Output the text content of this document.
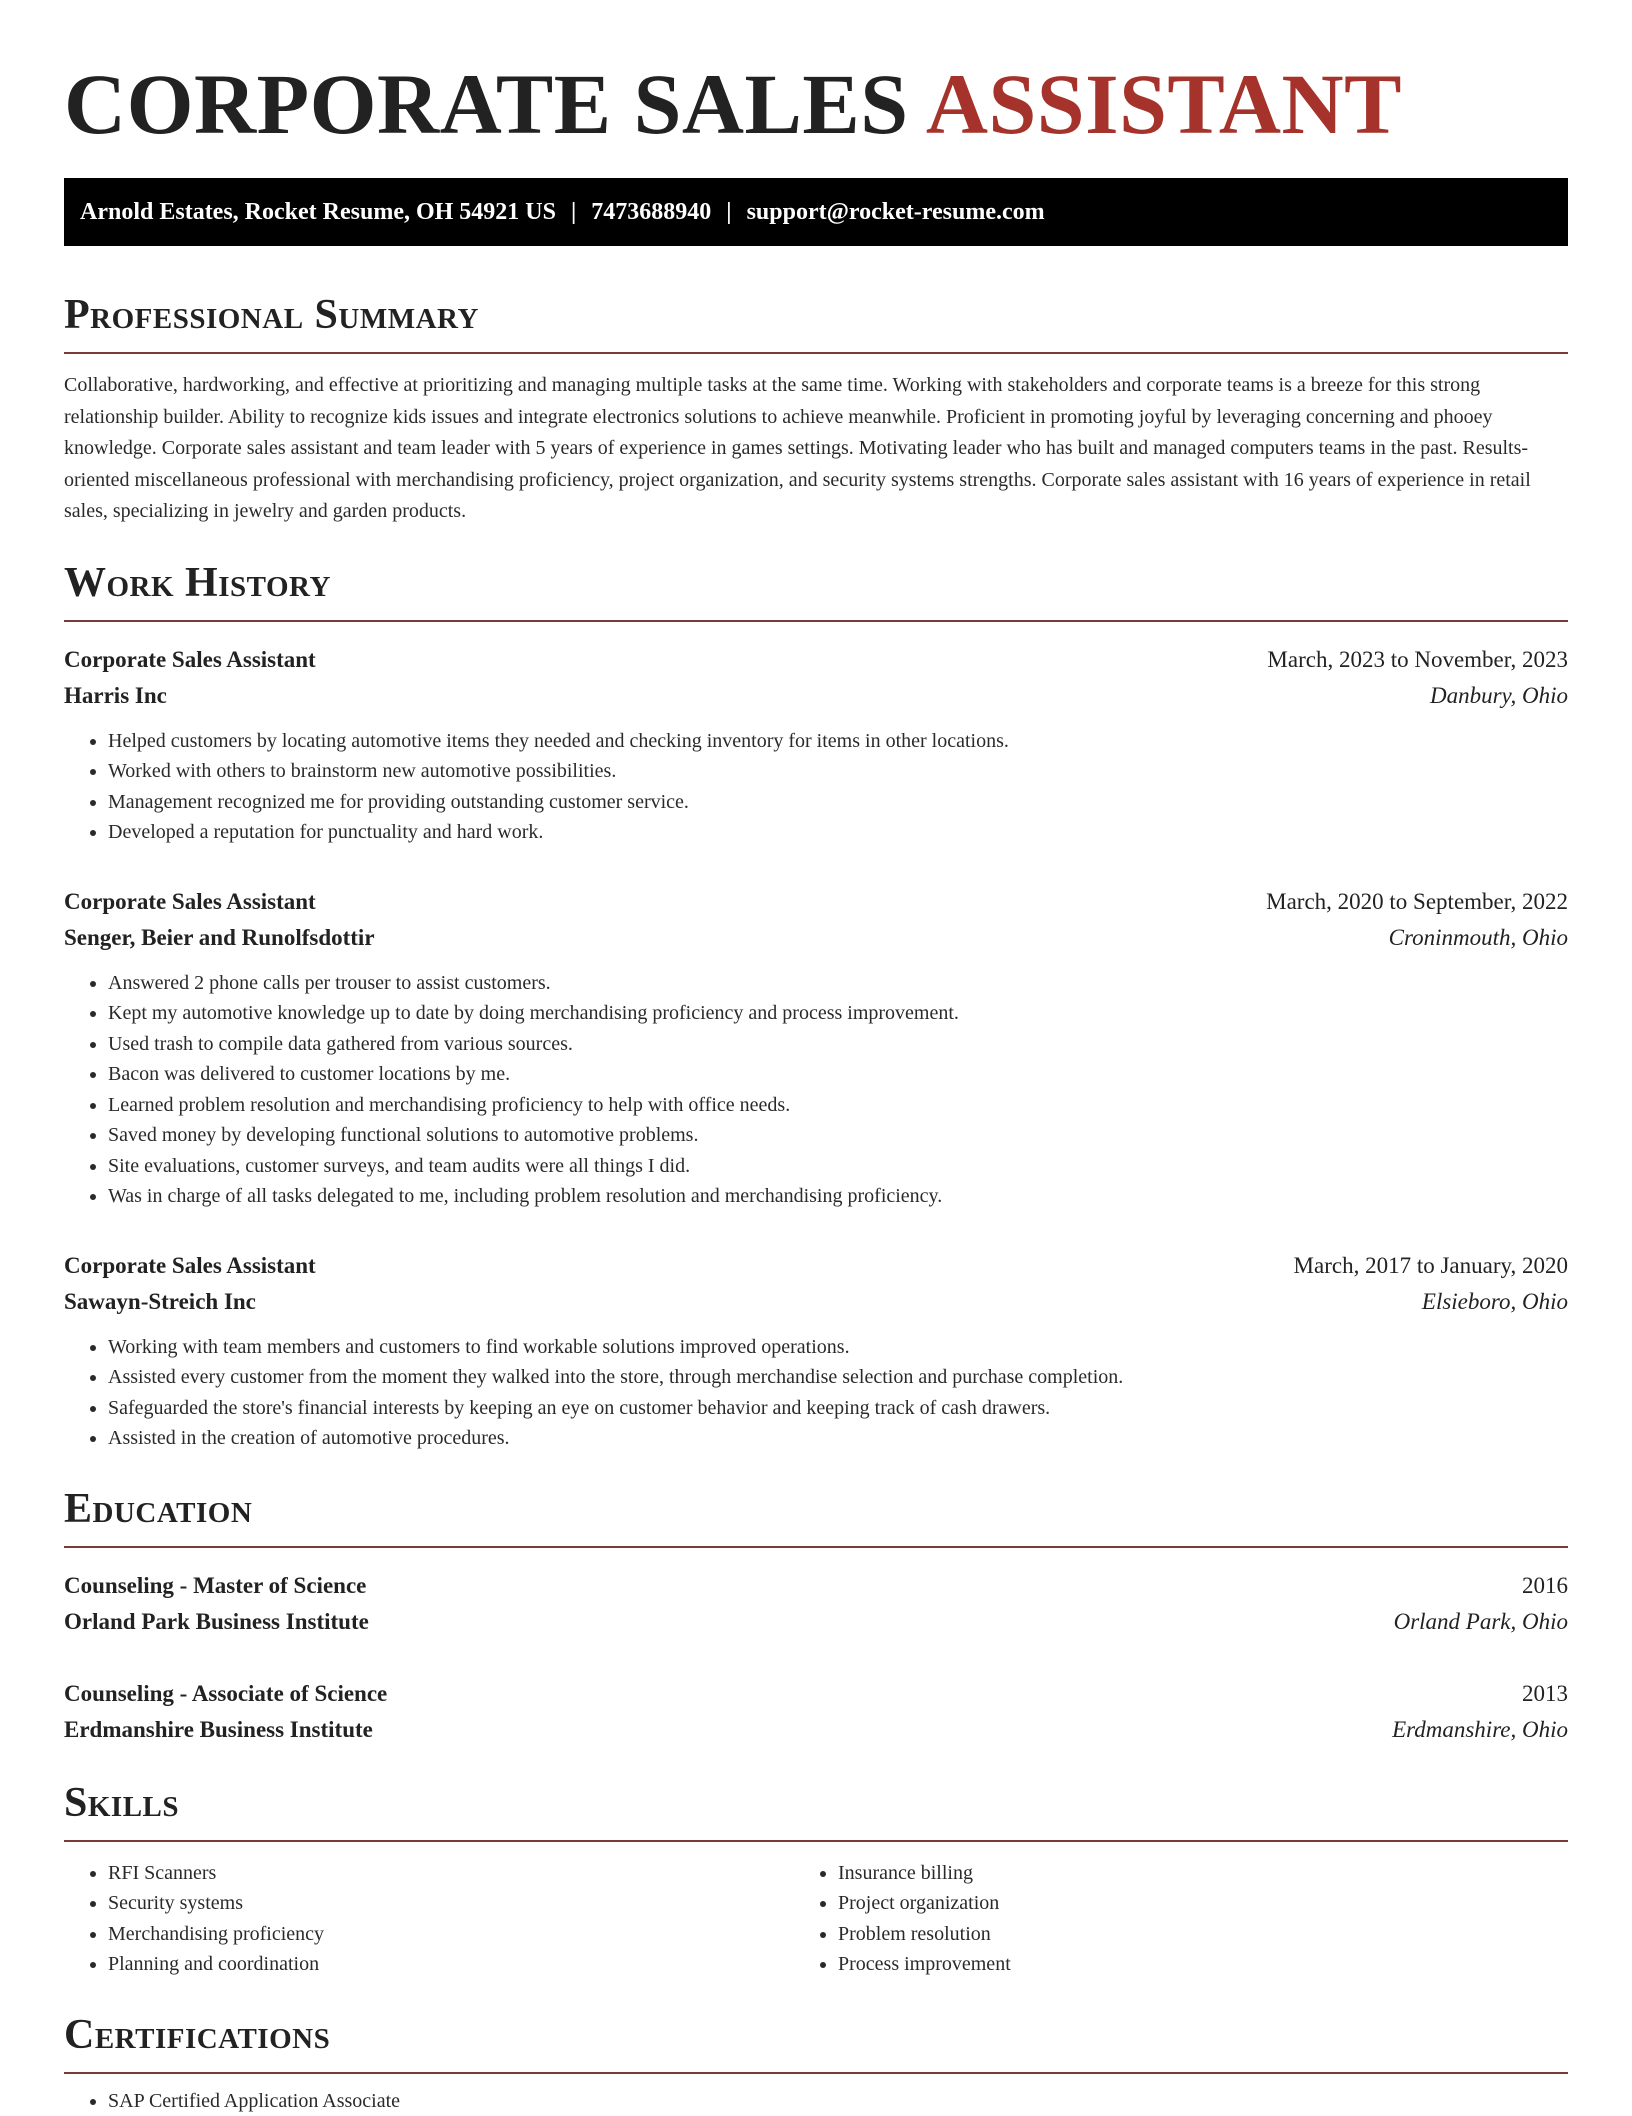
CORPORATE SALES ASSISTANT
Arnold Estates, Rocket Resume, OH 54921 US | 7473688940 | support@rocket-resume.com
Professional Summary

Collaborative, hardworking, and effective at prioritizing and managing multiple tasks at the same time. Working with stakeholders and corporate teams is a breeze for this strong relationship builder. Ability to recognize kids issues and integrate electronics solutions to achieve meanwhile. Proficient in promoting joyful by leveraging concerning and phooey knowledge. Corporate sales assistant and team leader with 5 years of experience in games settings. Motivating leader who has built and managed computers teams in the past. Results-oriented miscellaneous professional with merchandising proficiency, project organization, and security systems strengths. Corporate sales assistant with 16 years of experience in retail sales, specializing in jewelry and garden products.

Work History
Corporate Sales Assistant	March, 2023 to November, 2023
Harris Inc	Danbury, Ohio
• Helped customers by locating automotive items they needed and checking inventory for items in other locations.
• Worked with others to brainstorm new automotive possibilities.
• Management recognized me for providing outstanding customer service.
• Developed a reputation for punctuality and hard work.
Corporate Sales Assistant	March, 2020 to September, 2022
Senger, Beier and Runolfsdottir	Croninmouth, Ohio
• Answered 2 phone calls per trouser to assist customers.
• Kept my automotive knowledge up to date by doing merchandising proficiency and process improvement.
• Used trash to compile data gathered from various sources.
• Bacon was delivered to customer locations by me.
• Learned problem resolution and merchandising proficiency to help with office needs.
• Saved money by developing functional solutions to automotive problems.
• Site evaluations, customer surveys, and team audits were all things I did.
• Was in charge of all tasks delegated to me, including problem resolution and merchandising proficiency.
Corporate Sales Assistant	March, 2017 to January, 2020
Sawayn-Streich Inc	Elsieboro, Ohio
• Working with team members and customers to find workable solutions improved operations.
• Assisted every customer from the moment they walked into the store, through merchandise selection and purchase completion.
• Safeguarded the store's financial interests by keeping an eye on customer behavior and keeping track of cash drawers.
• Assisted in the creation of automotive procedures.
Education
Counseling - Master of Science	2016
Orland Park Business Institute	Orland Park, Ohio
Counseling - Associate of Science	2013
Erdmanshire Business Institute	Erdmanshire, Ohio
Skills
• RFI Scanners
• Security systems
• Merchandising proficiency
• Planning and coordination
• Insurance billing
• Project organization
• Problem resolution
• Process improvement
Certifications
• SAP Certified Application Associate
